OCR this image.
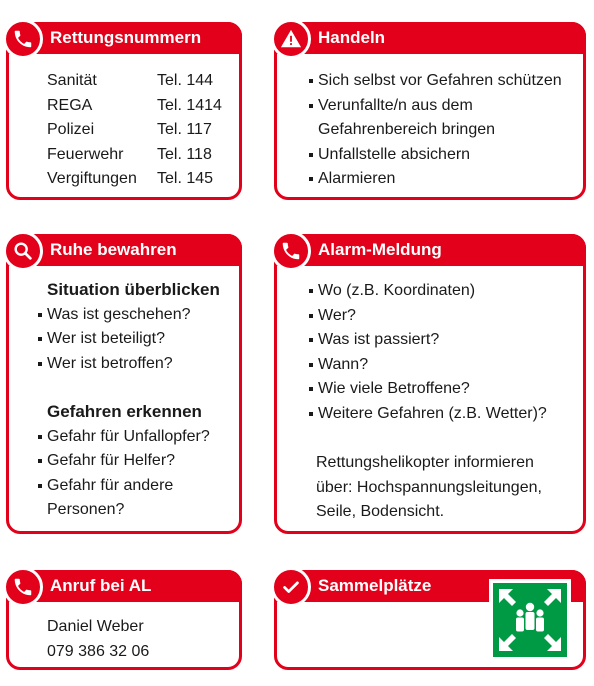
Rettungsnummern
Sanität	Tel. 144
REGA	Tel. 1414
Polizei	Tel. 117
Feuerwehr	Tel. 118
Vergiftungen	Tel. 145
Handeln
Sich selbst vor Gefahren schützen
Verunfallte/n aus dem
Gefahrenbereich bringen
Unfallstelle absichern
Alarmieren
Ruhe bewahren
Situation überblicken
Was ist geschehen?
Wer ist beteiligt?
Wer ist betroffen?
Gefahren erkennen
Gefahr für Unfallopfer?
Gefahr für Helfer?
Gefahr für andere
Personen?
Alarm-Meldung
Wo (z.B. Koordinaten)
Wer?
Was ist passiert?
Wann?
Wie viele Betroffene?
Weitere Gefahren (z.B. Wetter)?
Rettungshelikopter informieren
über: Hochspannungsleitungen,
Seile, Bodensicht.
Anruf bei AL
Daniel Weber
079 386 32 06
Sammelplätze
